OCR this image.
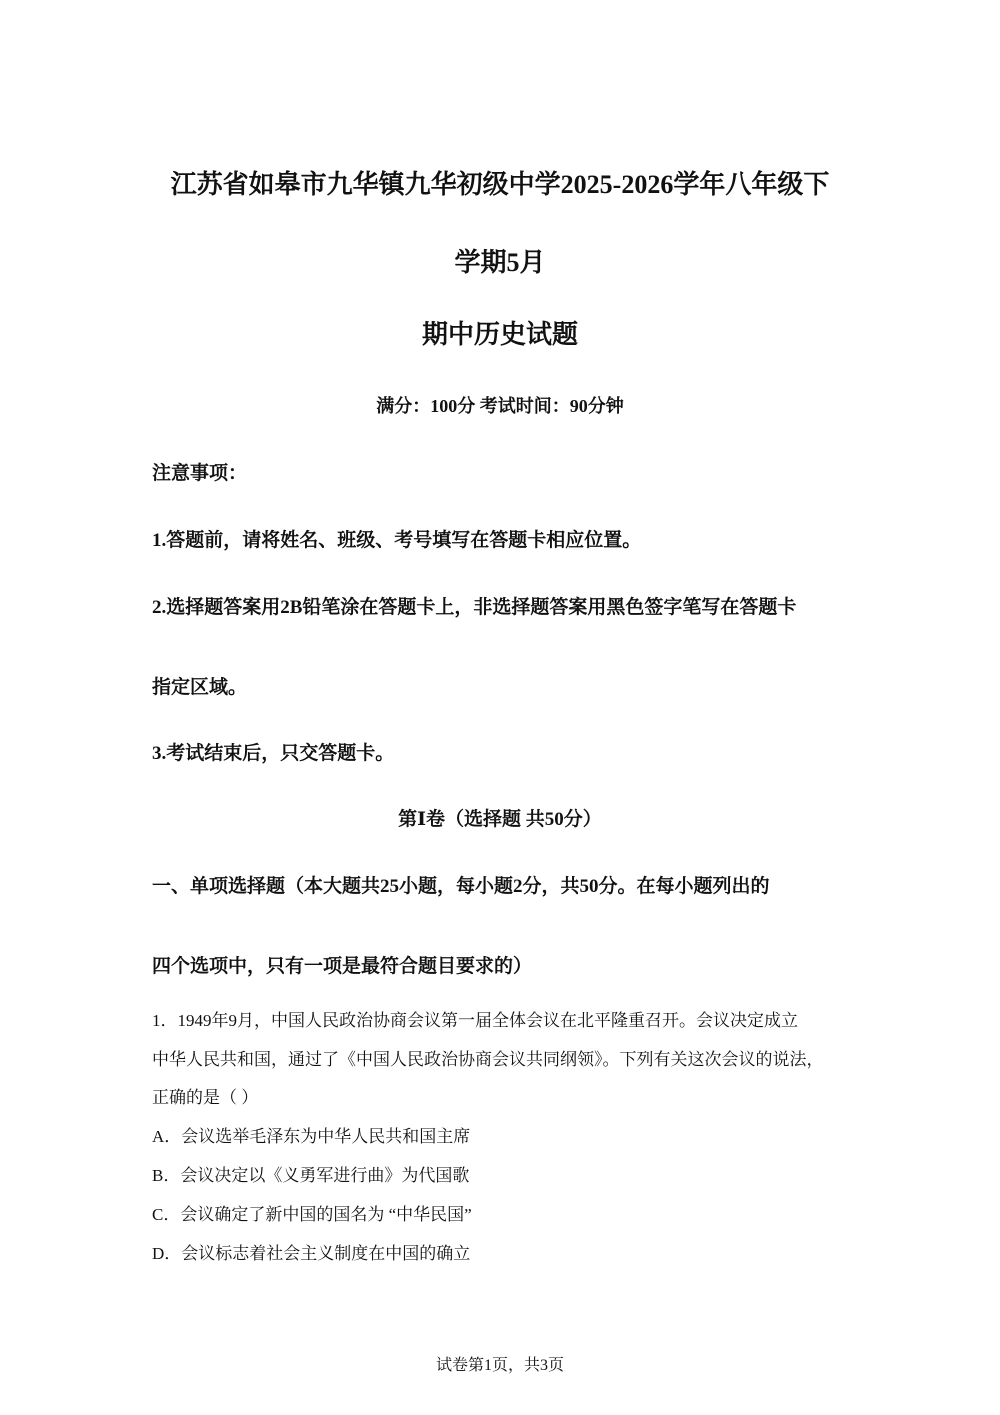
江苏省如皋市九华镇九华初级中学2025-2026学年八年级下
学期5月
期中历史试题
满分：100分 考试时间：90分钟
注意事项：
1.答题前，请将姓名、班级、考号填写在答题卡相应位置。
2.选择题答案用2B铅笔涂在答题卡上，非选择题答案用黑色签字笔写在答题卡
指定区域。
3.考试结束后，只交答题卡。
第Ⅰ卷（选择题 共50分）
一、单项选择题（本大题共25小题，每小题2分，共50分。在每小题列出的
四个选项中，只有一项是最符合题目要求的）
1．1949年9月，中国人民政治协商会议第一届全体会议在北平隆重召开。会议决定成立
中华人民共和国，通过了《中国人民政治协商会议共同纲领》。下列有关这次会议的说法，
正确的是（ ）
A．会议选举毛泽东为中华人民共和国主席
B．会议决定以《义勇军进行曲》为代国歌
C．会议确定了新中国的国名为 “中华民国”
D．会议标志着社会主义制度在中国的确立
试卷第1页，共3页
